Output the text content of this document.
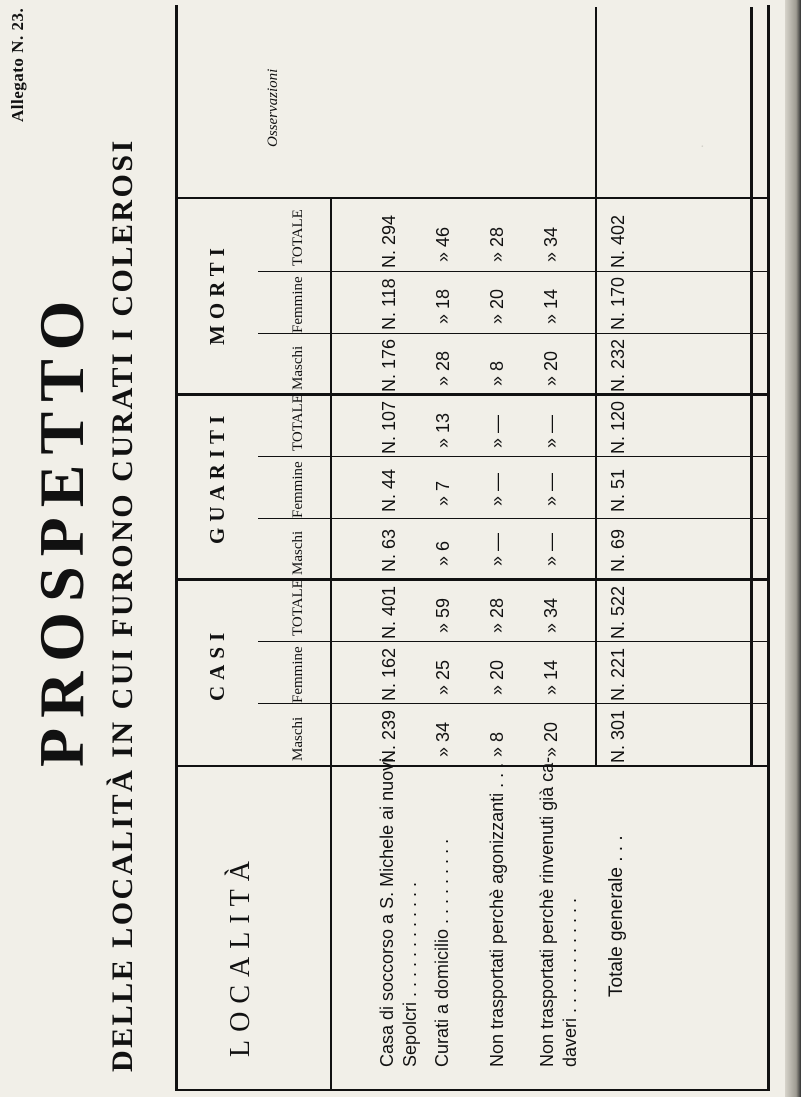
·
Allegato N. 23.
PROSPETTO DELLE LOCALITÀ IN CUI FURONO CURATI I COLEROSI	LOCALITÀ
CASI
GUARITI
MORTI
Maschi
Femmine
TOTALE
Maschi
Femmine
TOTALE
Maschi
Femmine
TOTALE
Osservazioni
Casa di soccorso a S. Michele ai nuovi Sepolcri . . . . . . . . . . . .
N. 239
N. 162
N. 401
N. 63
N. 44
N. 107
N. 176
N. 118
N. 294
Curati a domicilio . . . . . . . . .
» 34
» 25
» 59
» 6
» 7
» 13
» 28
» 18
» 46
Non trasportati perchè agonizzanti . . .
» 8
» 20
» 28
» —
» —
» —
» 8
» 20
» 28
Non trasportati perchè rinvenuti già ca- daveri . . . . . . . . . . . .
» 20
» 14
» 34
» —
» —
» —
» 20
» 14
» 34
Totale generale . . .
N. 301
N. 221
N. 522
N. 69
N. 51
N. 120
N. 232
N. 170
N. 402
